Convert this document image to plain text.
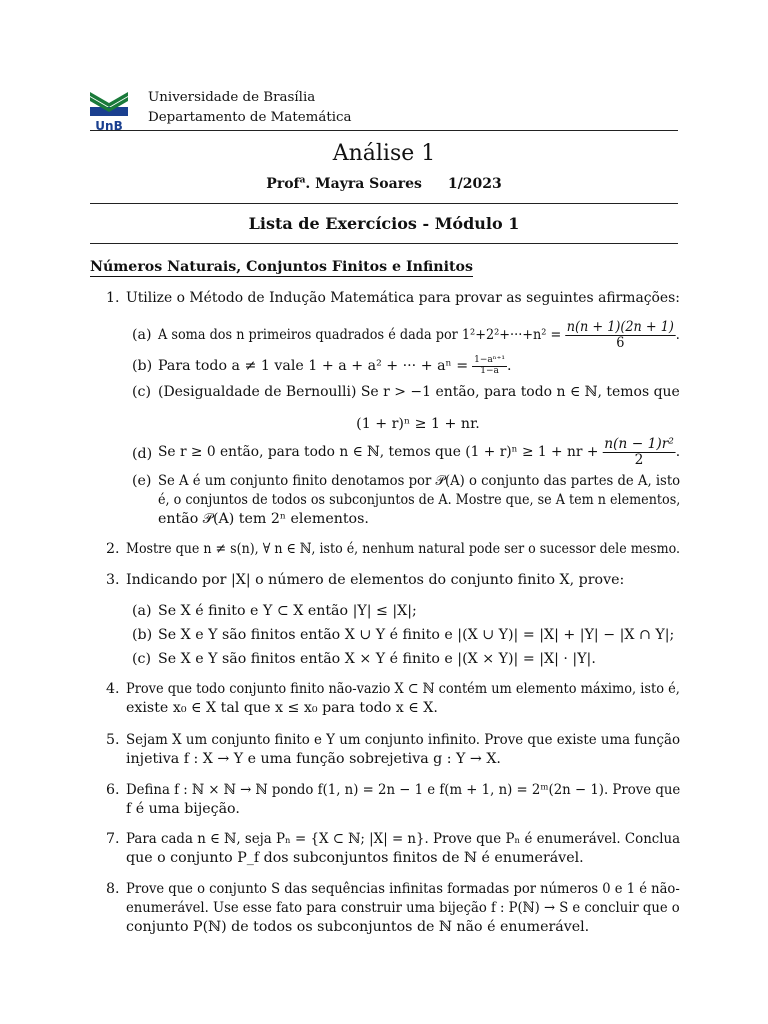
UnB
Universidade de Brasília
Departamento de Matemática
Análise 1
Prof$^a$. Mayra Soares 1/2023
Lista de Exercícios - Módulo 1
Números Naturais, Conjuntos Finitos e Infinitos
1. Utilize o Método de Indução Matemática para provar as seguintes afirmações:
(a) A soma dos n primeiros quadrados é dada por $1^2+2^2+\cdot\cdot\cdot+n^2 = \frac{n(n + 1)(2n + 1)}{6}$ .
(b) Para todo a ≠ 1 vale 1 + a + a² + ··· + $a^n = \frac{\text{1−aⁿ⁺¹}}{1-a}$ .
(c) (Desigualdade de Bernoulli) Se r > −1 então, para todo n ∈ ℕ, temos que
(1 + r)ⁿ ≥ 1 + nr.
(d) Se r ≥ 0 então, para todo n ∈ ℕ, temos que (1 + r)ⁿ ≥ 1 + nr + $\frac{\text{n(n − 1)r²}}{2}$ .
(e) Se A é um conjunto finito denotamos por 𝒫(A) o conjunto das partes de A, isto
é, o conjuntos de todos os subconjuntos de A. Mostre que, se A tem n elementos,
então 𝒫(A) tem 2ⁿ elementos.
2. Mostre que n ≠ s(n), ∀ n ∈ ℕ, isto é, nenhum natural pode ser o sucessor dele mesmo.
3. Indicando por |X| o número de elementos do conjunto finito X, prove:
(a) Se X é finito e Y ⊂ X então |Y| ≤ |X|;
(b) Se X e Y são finitos então X ∪ Y é finito e |(X ∪ Y)| = |X| + |Y| − |X ∩ Y|;
(c) Se X e Y são finitos então X × Y é finito e |(X × Y)| = |X| · |Y|.
4. Prove que todo conjunto finito não-vazio X ⊂ ℕ contém um elemento máximo, isto é,
existe x₀ ∈ X tal que x ≤ x₀ para todo x ∈ X.
5. Sejam X um conjunto finito e Y um conjunto infinito. Prove que existe uma função
injetiva f : X → Y e uma função sobrejetiva g : Y → X.
6. Defina f : ℕ × ℕ → ℕ pondo f(1, n) = 2n − 1 e f(m + 1, n) = 2ᵐ(2n − 1). Prove que
f é uma bijeção.
7. Para cada n ∈ ℕ, seja Pₙ = {X ⊂ ℕ; |X| = n}. Prove que Pₙ é enumerável. Conclua
que o conjunto P_f dos subconjuntos finitos de ℕ é enumerável.
8. Prove que o conjunto S das sequências infinitas formadas por números 0 e 1 é não-
enumerável. Use esse fato para construir uma bijeção f : P(ℕ) → S e concluir que o
conjunto P(ℕ) de todos os subconjuntos de ℕ não é enumerável.
